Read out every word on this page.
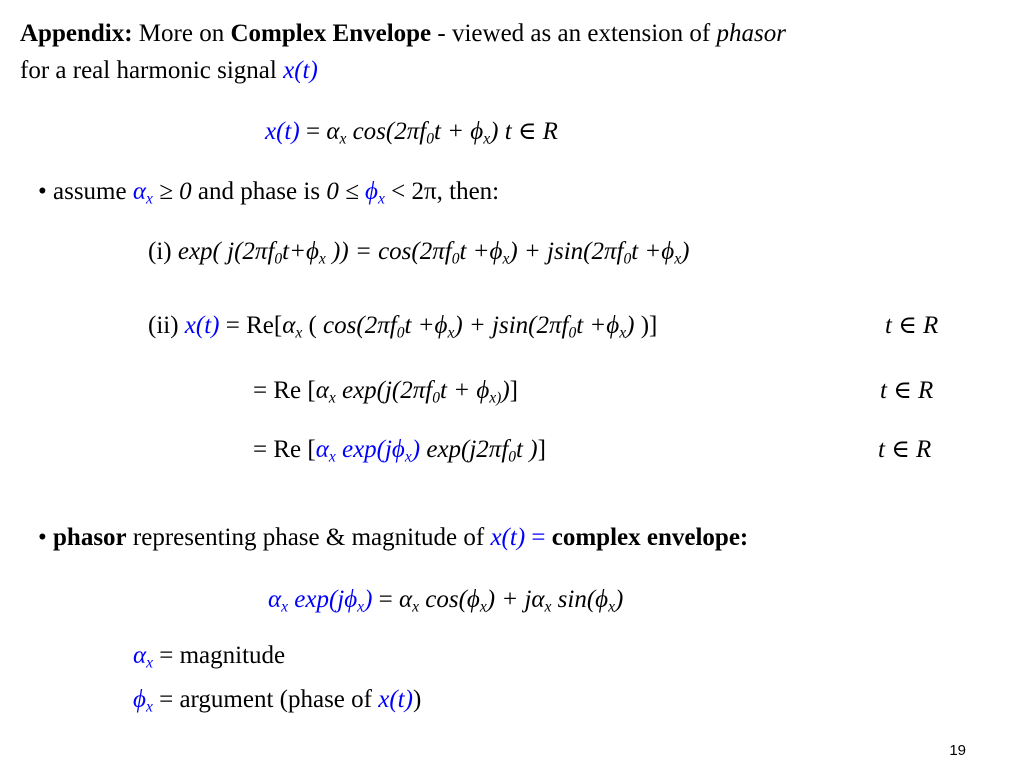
Appendix: More on Complex Envelope - viewed as an extension of phasor
for a real harmonic signal x(t)
$x(t) = \alpha_x$ $\cos(2\pi f_0t + \phi_x)$ t ∈ R
• assume $\alpha_x \ge 0$ and phase is $0 \le \phi_x < 2\pi$, then:
(i) exp( $j(2\pi f_0t+\phi_x$ )) = $\cos(2\pi f_0t +\phi_x) + jsin(2\pi f_0t +\phi_x)$
(ii) $x(t) = Re[\alpha_x$ ( $\cos(2\pi f_0t +\phi_x) + jsin(2\pi f_0t +\phi_x)$ )]	t ∈ R
= Re [$\alpha_x$ $\exp(j(2\pi f_0t + \phi_{x)})]$	t ∈ R
= Re [$\alpha_x$ $\exp(j\phi_x)$ $\exp(j2\pi f_0t$ )]	t ∈ R
• phasor representing phase & magnitude of x(t) = complex envelope:
$\alpha_x$ $\exp(j\phi_x) = \alpha_x$ $\cos(\phi_x) + j\alpha_x$ $\sin(\phi_x)$
$\alpha_x$ = magnitude
$\phi_x$ = argument (phase of x(t))
19
